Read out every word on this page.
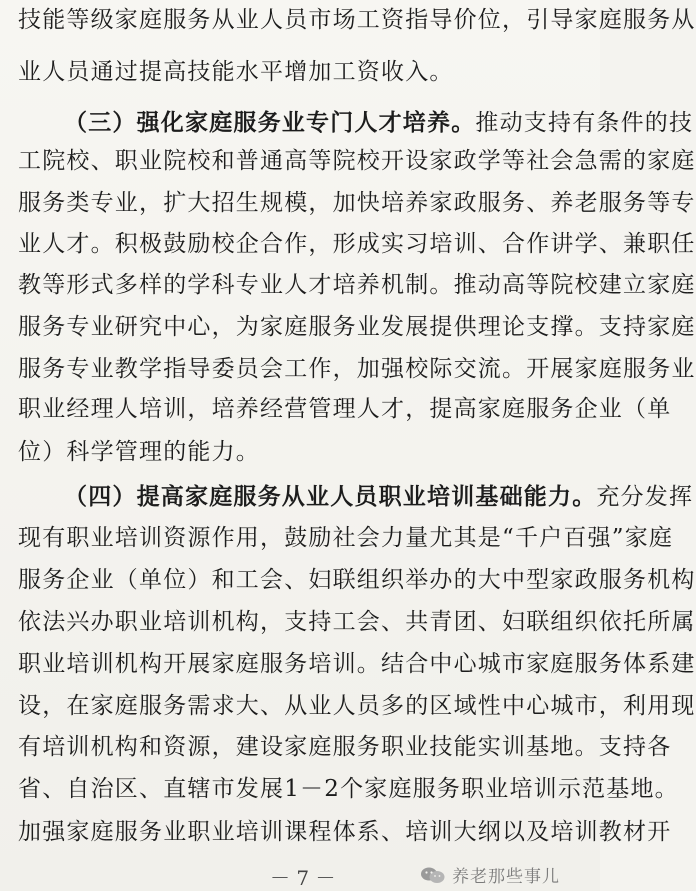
技能等级家庭服务从业人员市场工资指导价位，引导家庭服务从
业人员通过提高技能水平增加工资收入。
（三）强化家庭服务业专门人才培养。推动支持有条件的技
工院校、职业院校和普通高等院校开设家政学等社会急需的家庭
服务类专业，扩大招生规模，加快培养家政服务、养老服务等专
业人才。积极鼓励校企合作，形成实习培训、合作讲学、兼职任
教等形式多样的学科专业人才培养机制。推动高等院校建立家庭
服务专业研究中心，为家庭服务业发展提供理论支撑。支持家庭
服务专业教学指导委员会工作，加强校际交流。开展家庭服务业
职业经理人培训，培养经营管理人才，提高家庭服务企业（单
位）科学管理的能力。
（四）提高家庭服务从业人员职业培训基础能力。充分发挥
现有职业培训资源作用，鼓励社会力量尤其是“千户百强”家庭
服务企业（单位）和工会、妇联组织举办的大中型家政服务机构
依法兴办职业培训机构，支持工会、共青团、妇联组织依托所属
职业培训机构开展家庭服务培训。结合中心城市家庭服务体系建
设，在家庭服务需求大、从业人员多的区域性中心城市，利用现
有培训机构和资源，建设家庭服务职业技能实训基地。支持各
省、自治区、直辖市发展1－2个家庭服务职业培训示范基地。
加强家庭服务业职业培训课程体系、培训大纲以及培训教材开
－ 7 －	养老那些事儿
